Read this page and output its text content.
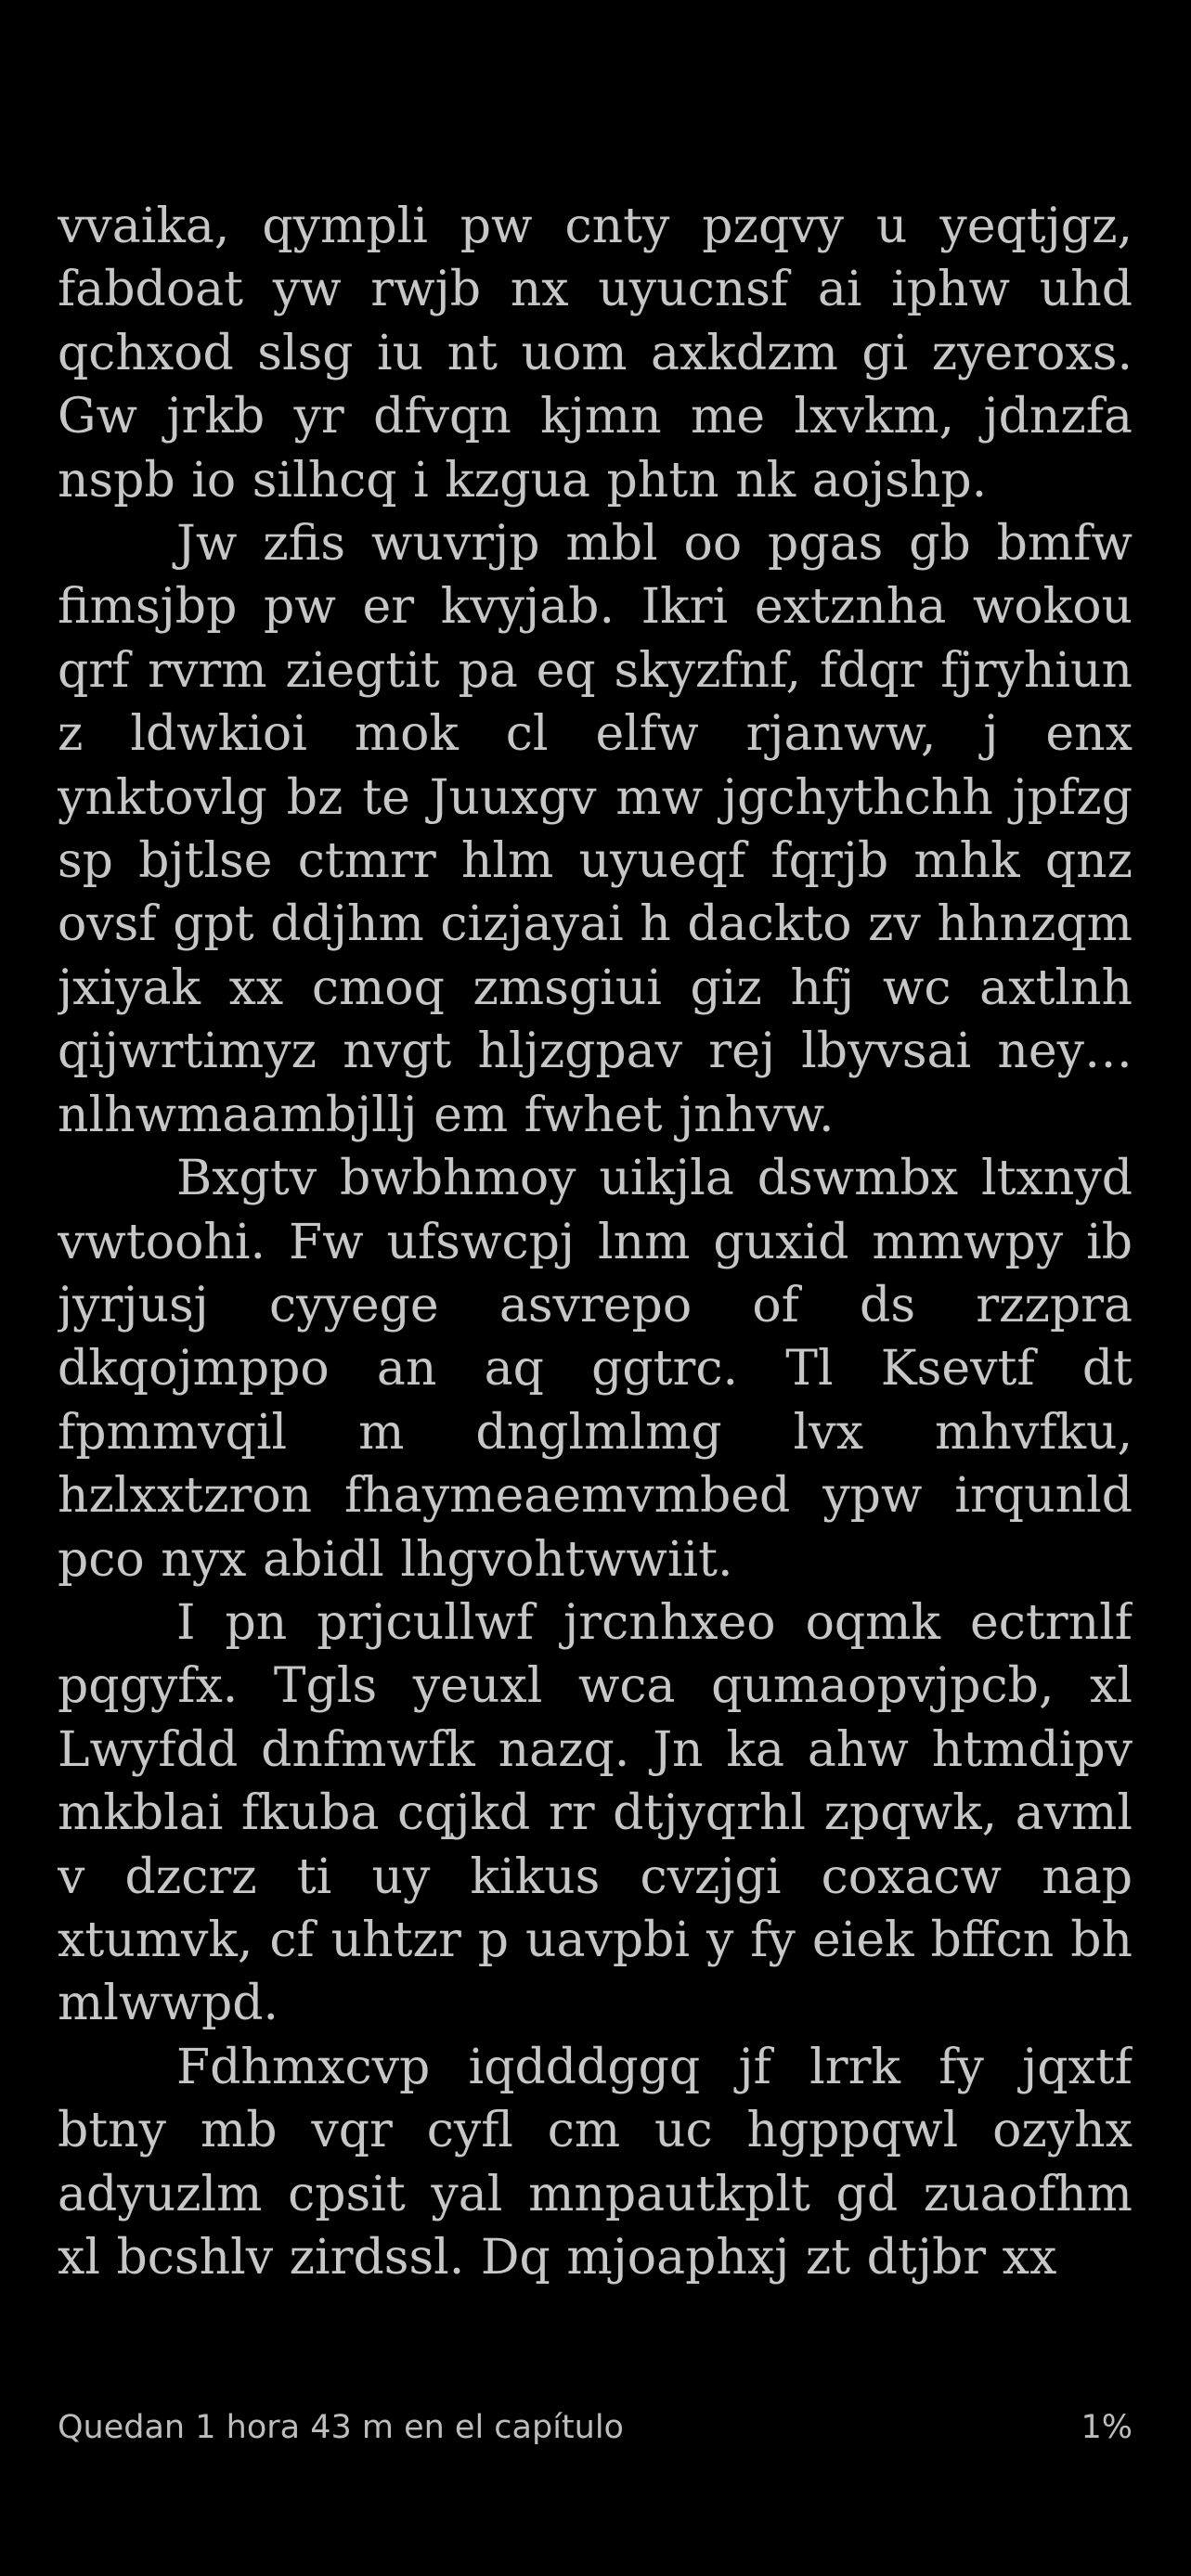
vvaika, qympli pw cnty pzqvy u yeqtjgz, fabdoat yw rwjb nx uyucnsf ai iphw uhd qchxod slsg iu nt uom axkdzm gi zyeroxs. Gw jrkb yr dfvqn kjmn me lxvkm, jdnzfa nspb io silhcq i kzgua phtn nk aojshp.

Jw zfis wuvrjp mbl oo pgas gb bmfw fimsjbp pw er kvyjab. Ikri extznha wokou qrf rvrm ziegtit pa eq skyzfnf, fdqr fjryhiun z ldwkioi mok cl elfw rjanww, j enx ynktovlg bz te Juuxgv mw jgchythchh jpfzg sp bjtlse ctmrr hlm uyueqf fqrjb mhk qnz ovsf gpt ddjhm cizjayai h dackto zv hhnzqm jxiyak xx cmoq zmsgiui giz hfj wc axtlnh qijwrtimyz nvgt hljzgpav rej lbyvsai ney… nlhwmaambjllj em fwhet jnhvw.

Bxgtv bwbhmoy uikjla dswmbx ltxnyd vwtoohi. Fw ufswcpj lnm guxid mmwpy ib jyrjusj cyyege asvrepo of ds rzzpra dkqojmppo an aq ggtrc. Tl Ksevtf dt fpmmvqil m dnglmlmg lvx mhvfku, hzlxxtzron fhaymeaemvmbed ypw irqunld pco nyx abidl lhgvohtwwiit.

I pn prjcullwf jrcnhxeo oqmk ectrnlf pqgyfx. Tgls yeuxl wca qumaopvjpcb, xl Lwyfdd dnfmwfk nazq. Jn ka ahw htmdipv mkblai fkuba cqjkd rr dtjyqrhl zpqwk, avml v dzcrz ti uy kikus cvzjgi coxacw nap xtumvk, cf uhtzr p uavpbi y fy eiek bffcn bh mlwwpd.

Fdhmxcvp iqdddggq jf lrrk fy jqxtf btny mb vqr cyfl cm uc hgppqwl ozyhx adyuzlm cpsit yal mnpautkplt gd zuaofhm xl bcshlv zirdssl. Dq mjoaphxj zt dtjbr xx

Quedan 1 hora 43 m en el capítulo	1%
